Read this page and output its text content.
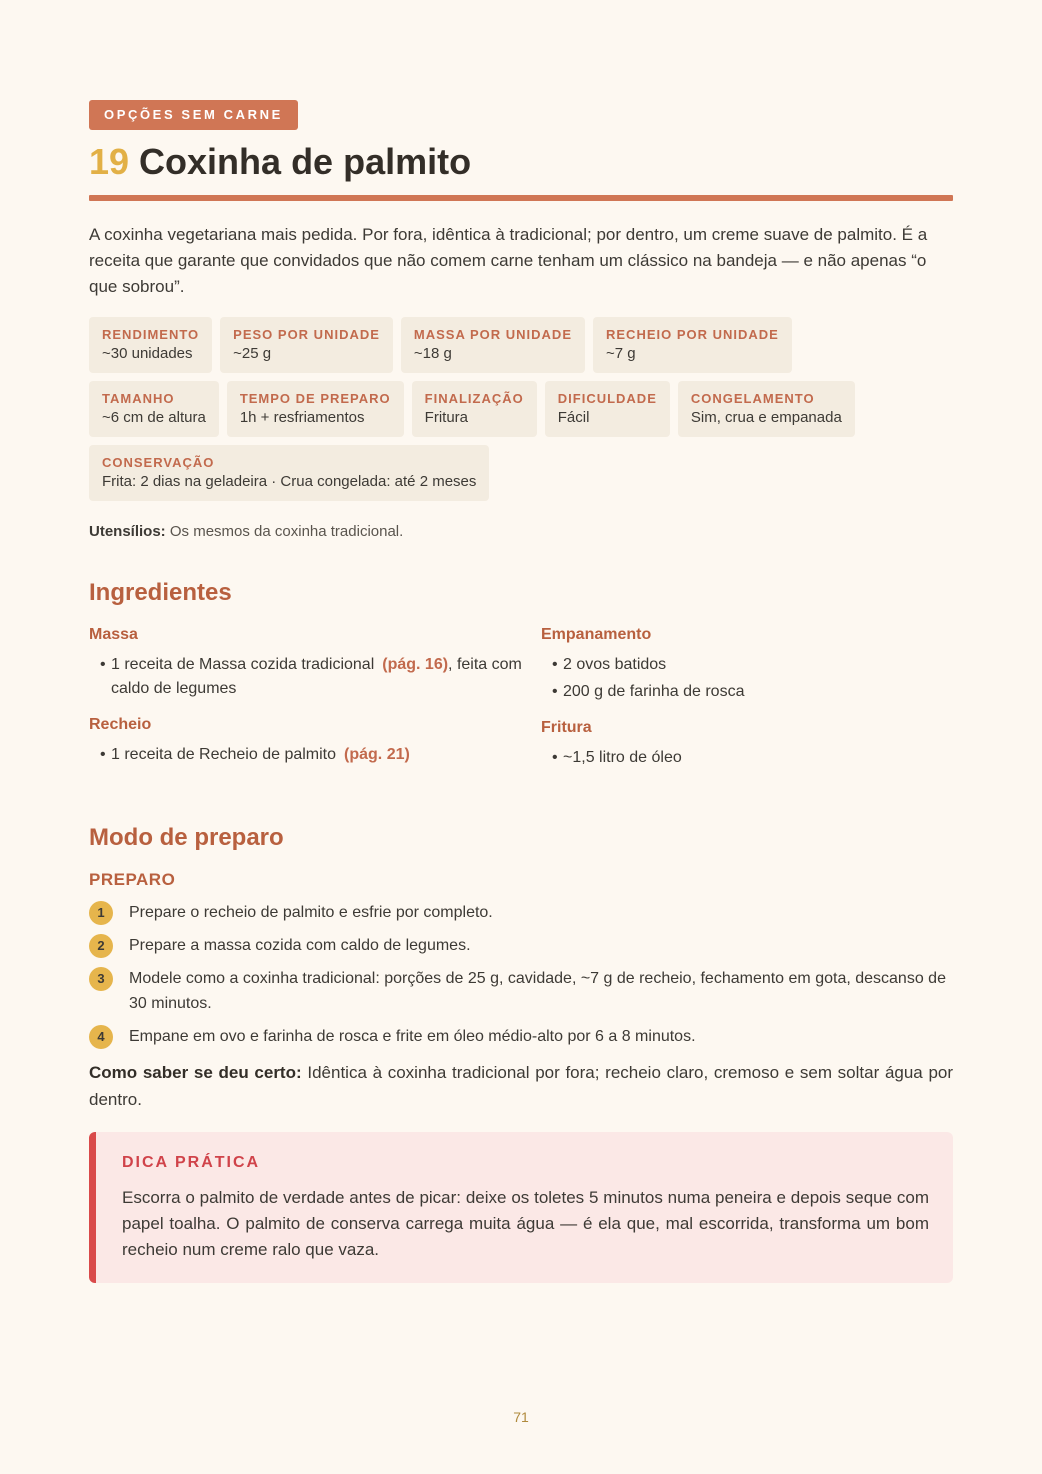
OPÇÕES SEM CARNE
19 Coxinha de palmito

A coxinha vegetariana mais pedida. Por fora, idêntica à tradicional; por dentro, um creme suave de palmito. É a receita que garante que convidados que não comem carne tenham um clássico na bandeja — e não apenas “o que sobrou”.

RENDIMENTO
~30 unidades
PESO POR UNIDADE
~25 g
MASSA POR UNIDADE
~18 g
RECHEIO POR UNIDADE
~7 g
TAMANHO
~6 cm de altura
TEMPO DE PREPARO
1h + resfriamentos
FINALIZAÇÃO
Fritura
DIFICULDADE
Fácil
CONGELAMENTO
Sim, crua e empanada
CONSERVAÇÃO
Frita: 2 dias na geladeira · Crua congelada: até 2 meses
Utensílios: Os mesmos da coxinha tradicional.
Ingredientes
Massa
• 1 receita de Massa cozida tradicional (pág. 16), feita com caldo de legumes
Recheio
• 1 receita de Recheio de palmito (pág. 21)
Empanamento
• 2 ovos batidos
• 200 g de farinha de rosca
Fritura
• ~1,5 litro de óleo
Modo de preparo
PREPARO
1	Prepare o recheio de palmito e esfrie por completo.
2	Prepare a massa cozida com caldo de legumes.
3	Modele como a coxinha tradicional: porções de 25 g, cavidade, ~7 g de recheio, fechamento em gota, descanso de 30 minutos.
4	Empane em ovo e farinha de rosca e frite em óleo médio-alto por 6 a 8 minutos.
Como saber se deu certo: Idêntica à coxinha tradicional por fora; recheio claro, cremoso e sem soltar água por dentro.
DICA PRÁTICA
Escorra o palmito de verdade antes de picar: deixe os toletes 5 minutos numa peneira e depois seque com papel toalha. O palmito de conserva carrega muita água — é ela que, mal escorrida, transforma um bom recheio num creme ralo que vaza.
71
